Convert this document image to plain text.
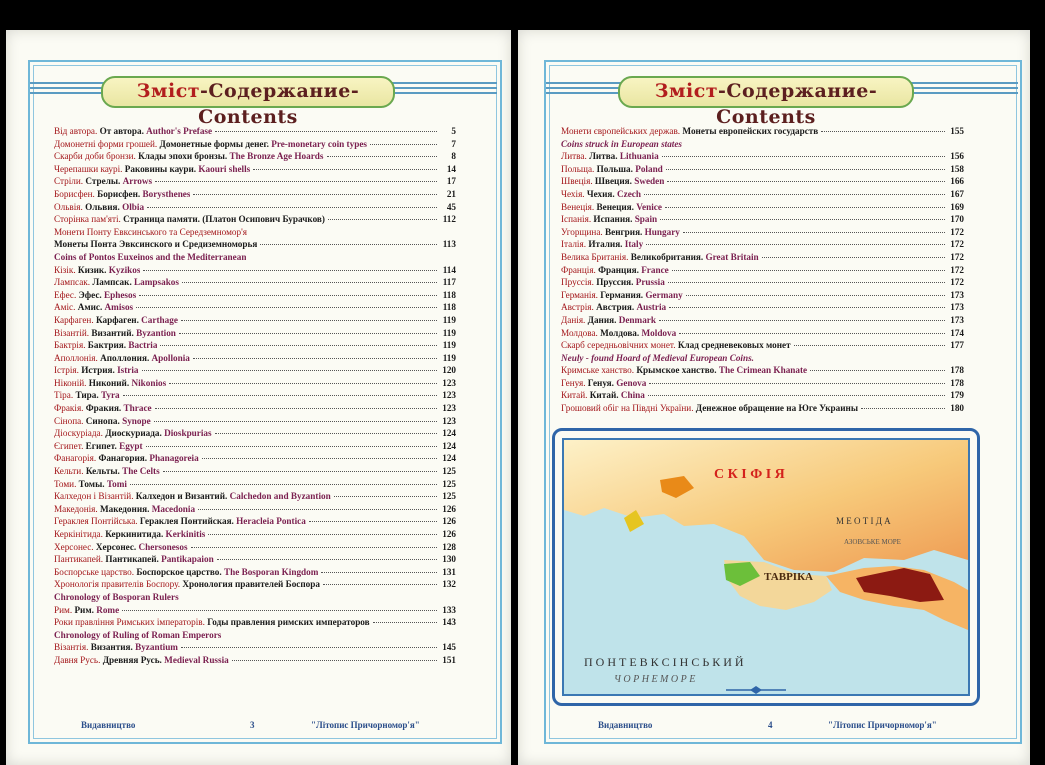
Зміст-Содержание-Contents
Від автора. От автора. Author's Prefase	5
Домонетні форми грошей. Домонетные формы денег. Pre-monetary coin types	7
Скарби доби бронзи. Клады эпохи бронзы. The Bronze Age Hoards	8
Черепашки каурі. Раковины каури. Kaouri shells	14
Стріли. Стрелы. Arrows	17
Борисфен. Борисфен. Borysthenes	21
Ольвія. Ольвия. Olbia	45
Сторінка пам'яті. Страница памяти. (Платон Осипович Бурачков)	112
Монети Понту Евксинського та Середземномор'я
Монеты Понта Эвксинского и Средиземноморья	113
Coins of Pontos Euxeinos and the Mediterranean
Кізік. Кизик. Kyzikos	114
Лампсак. Лампсак. Lampsakos	117
Ефес. Эфес. Ephesos	118
Аміс. Амис. Amisos	118
Карфаген. Карфаген. Carthage	119
Візантій. Византий. Byzantion	119
Бактрія. Бактрия. Bactria	119
Аполлонія. Аполлония. Apollonia	119
Істрія. Истрия. Istria	120
Ніконій. Никоний. Nikonios	123
Тіра. Тира. Tyra	123
Фракія. Фракия. Thrace	123
Сінопа. Синопа. Synope	123
Діоскуріада. Диоскуриада. Dioskpurias	124
Єгипет. Египет. Egypt	124
Фанагорія. Фанагория. Phanagoreia	124
Кельти. Кельты. The Celts	125
Томи. Томы. Tomi	125
Калхедон і Візантій. Калхедон и Византий. Calchedon and Byzantion	125
Македонія. Македония. Macedonia	126
Гераклея Понтійська. Гераклея Понтийская. Heracleia Pontica	126
Керкінітида. Керкинитида. Kerkinitis	126
Херсонес. Херсонес. Chersonesos	128
Пантикапей. Пантикапей. Pantikapaion	130
Боспорське царство. Боспорское царство. The Bosporan Kingdom	131
Хронологія правителів Боспору. Хронология правителей Боспора	132
Chronology of Bosporan Rulers
Рим. Рим. Rome	133
Роки правління Римських імператорів. Годы правления римских императоров	143
Chronology of Ruling of Roman Emperors
Візантія. Византия. Byzantium	145
Давня Русь. Древняя Русь. Medieval Russia	151
Видавництво	3	"Літопис Причорномор'я"
Зміст-Содержание-Contents
Монети європейських держав. Монеты европейских государств	155
Coins struck in European states
Литва. Литва. Lithuania	156
Польща. Польша. Poland	158
Швеція. Швеция. Sweden	166
Чехія. Чехия. Czech	167
Венеція. Венеция. Venice	169
Іспанія. Испания. Spain	170
Угорщина. Венгрия. Hungary	172
Італія. Италия. Italy	172
Велика Британія. Великобритания. Great Britain	172
Франція. Франция. France	172
Пруссія. Пруссия. Prussia	172
Германія. Германия. Germany	173
Австрія. Австрия. Austria	173
Данія. Дания. Denmark	173
Молдова. Молдова. Moldova	174
Скарб середньовічних монет. Клад средневековых монет	177
Neuly - found Hoard of Medieval European Coins.
Кримське ханство. Крымское ханство. The Crimean Khanate	178
Генуя. Генуя. Genova	178
Китай. Китай. China	179
Грошовий обіг на Півдні України. Денежное обращение на Юге Украины	180
С К І Ф І Я
М Е О Т І Д А
АЗОВСЬКЕ МОРЕ
ТАВРІКА
П О Н Т Е В К С І Н С Ь К И Й
Ч О Р Н Е М О Р Е
Видавництво	4	"Літопис Причорномор'я"
